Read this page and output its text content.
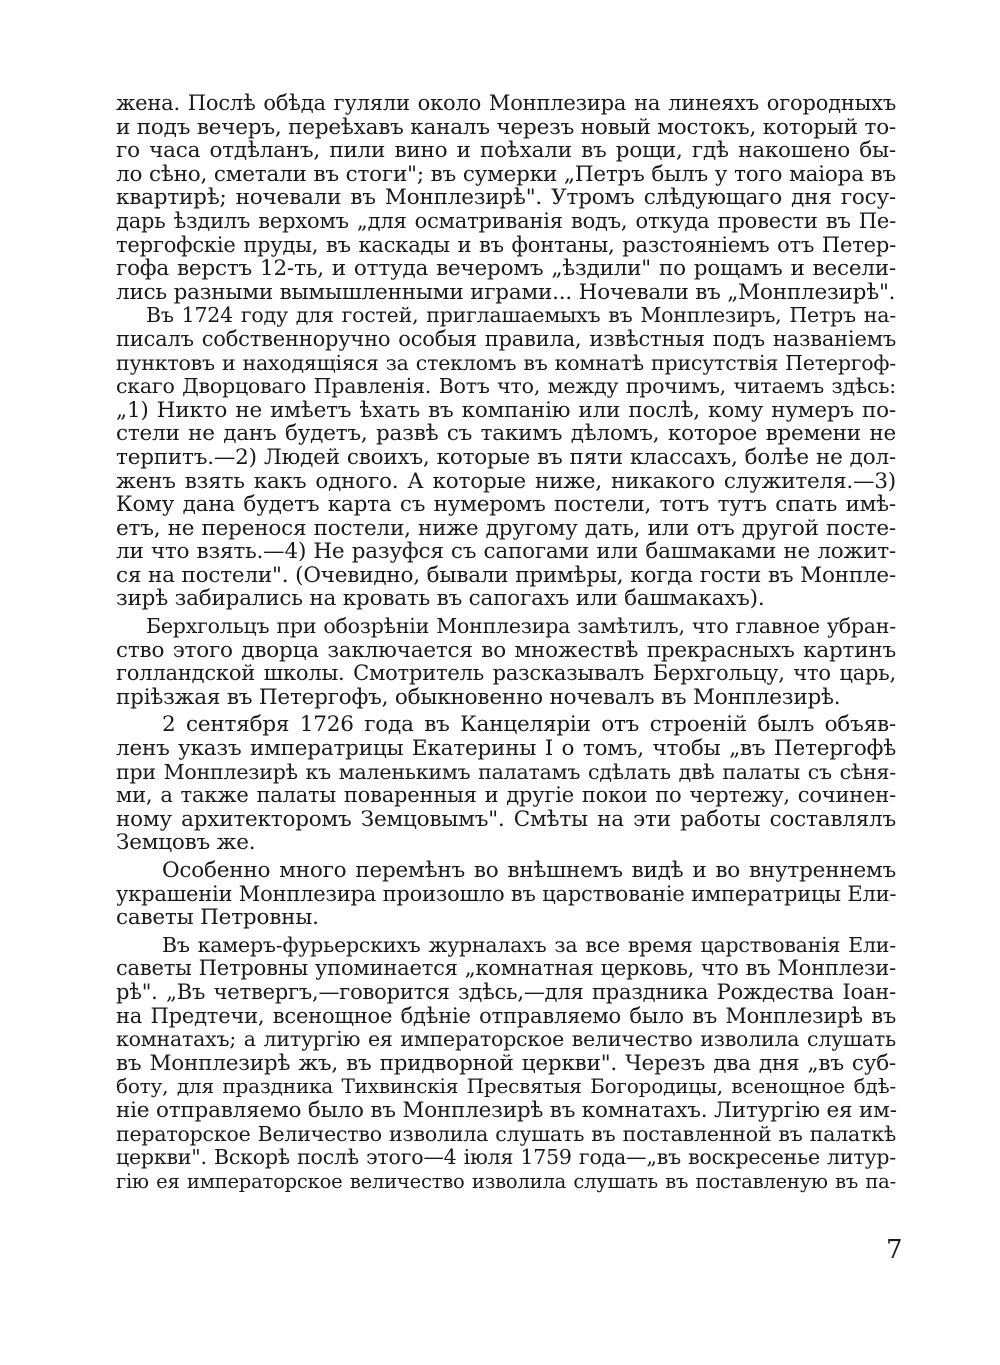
жена. Послѣ обѣда гуляли около Монплезира на линеяхъ огородныхъ
и подъ вечеръ, переѣхавъ каналъ черезъ новый мостокъ, который то-
го часа отдѣланъ, пили вино и поѣхали въ рощи, гдѣ накошено бы-
ло сѣно, сметали въ стоги"; въ сумерки „Петръ былъ у того маіора въ
квартирѣ; ночевали въ Монплезирѣ". Утромъ слѣдующаго дня госу-
дарь ѣздилъ верхомъ „для осматриванія водъ, откуда провести въ Пе-
тергофскіе пруды, въ каскады и въ фонтаны, разстояніемъ отъ Петер-
гофа верстъ 12-ть, и оттуда вечеромъ „ѣздили" по рощамъ и весели-
лись разными вымышленными играми... Ночевали въ „Монплезирѣ".
Въ 1724 году для гостей, приглашаемыхъ въ Монплезиръ, Петръ на-
писалъ собственноручно особыя правила, извѣстныя подъ названіемъ
пунктовъ и находящіяся за стекломъ въ комнатѣ присутствія Петергоф-
скаго Дворцоваго Правленія. Вотъ что, между прочимъ, читаемъ здѣсь:
„1) Никто не имѣетъ ѣхать въ компанію или послѣ, кому нумеръ по-
стели не данъ будетъ, развѣ съ такимъ дѣломъ, которое времени не
терпитъ.—2) Людей своихъ, которые въ пяти классахъ, болѣе не дол-
женъ взять какъ одного. А которые ниже, никакого служителя.—3)
Кому дана будетъ карта съ нумеромъ постели, тотъ тутъ спать имѣ-
етъ, не перенося постели, ниже другому дать, или отъ другой посте-
ли что взять.—4) Не разуфся съ сапогами или башмаками не ложит-
ся на постели". (Очевидно, бывали примѣры, когда гости въ Монпле-
зирѣ забирались на кровать въ сапогахъ или башмакахъ).
Берхгольцъ при обозрѣніи Монплезира замѣтилъ, что главное убран-
ство этого дворца заключается во множествѣ прекрасныхъ картинъ
голландской школы. Смотритель разсказывалъ Берхгольцу, что царь,
пріѣзжая въ Петергофъ, обыкновенно ночевалъ въ Монплезирѣ.
2 сентября 1726 года въ Канцеляріи отъ строеній былъ объяв-
ленъ указъ императрицы Екатерины I о томъ, чтобы „въ Петергофѣ
при Монплезирѣ къ маленькимъ палатамъ сдѣлать двѣ палаты съ сѣня-
ми, а также палаты поваренныя и другіе покои по чертежу, сочинен-
ному архитекторомъ Земцовымъ". Смѣты на эти работы составлялъ
Земцовъ же.
Особенно много перемѣнъ во внѣшнемъ видѣ и во внутреннемъ
украшеніи Монплезира произошло въ царствованіе императрицы Ели-
саветы Петровны.
Въ камеръ-фурьерскихъ журналахъ за все время царствованія Ели-
саветы Петровны упоминается „комнатная церковь, что въ Монплези-
рѣ". „Въ четвергъ,—говорится здѣсь,—для праздника Рождества Іоан-
на Предтечи, всенощное бдѣніе отправляемо было въ Монплезирѣ въ
комнатахъ; а литургію ея императорское величество изволила слушать
въ Монплезирѣ жъ, въ придворной церкви". Черезъ два дня „въ суб-
боту, для праздника Тихвинскія Пресвятыя Богородицы, всенощное бдѣ-
ніе отправляемо было въ Монплезирѣ въ комнатахъ. Литургію ея им-
ператорское Величество изволила слушать въ поставленной въ палаткѣ
церкви". Вскорѣ послѣ этого—4 іюля 1759 года—„въ воскресенье литур-
гію ея императорское величество изволила слушать въ поставленую въ па-
7
